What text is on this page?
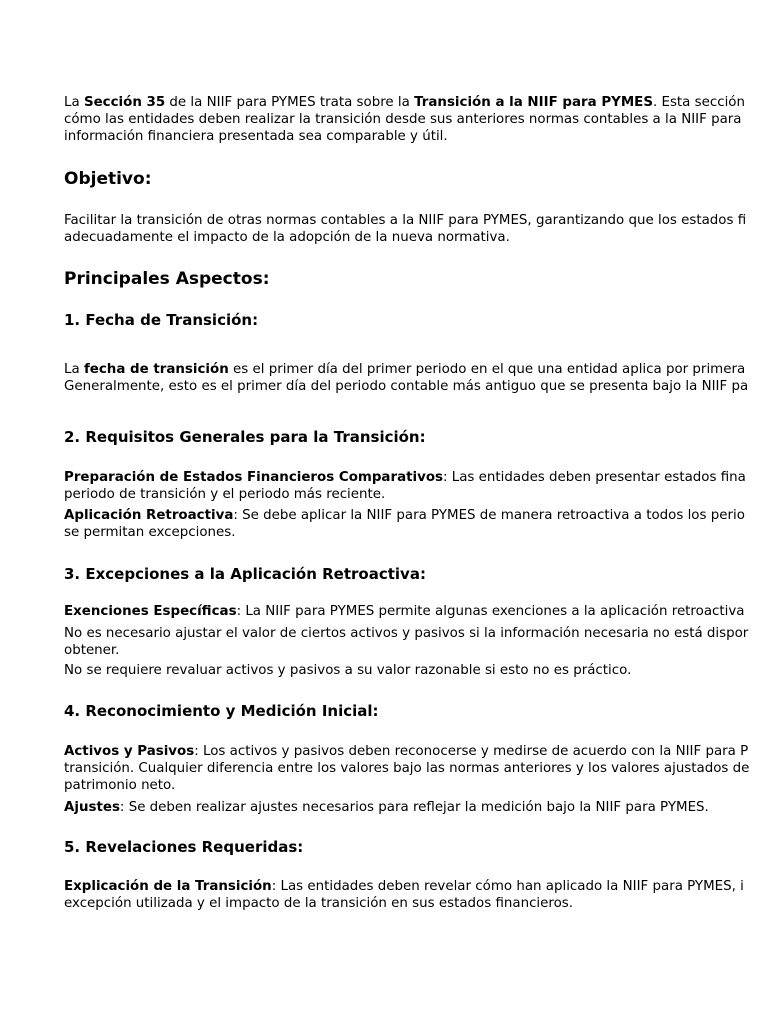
La Sección 35 de la NIIF para PYMES trata sobre la Transición a la NIIF para PYMES. Esta sección
cómo las entidades deben realizar la transición desde sus anteriores normas contables a la NIIF para
información financiera presentada sea comparable y útil.
Objetivo:
Facilitar la transición de otras normas contables a la NIIF para PYMES, garantizando que los estados fi
adecuadamente el impacto de la adopción de la nueva normativa.
Principales Aspectos:
1. Fecha de Transición:
La fecha de transición es el primer día del primer periodo en el que una entidad aplica por primera
Generalmente, esto es el primer día del periodo contable más antiguo que se presenta bajo la NIIF pa
2. Requisitos Generales para la Transición:
Preparación de Estados Financieros Comparativos: Las entidades deben presentar estados fina
periodo de transición y el periodo más reciente.
Aplicación Retroactiva: Se debe aplicar la NIIF para PYMES de manera retroactiva a todos los perio
se permitan excepciones.
3. Excepciones a la Aplicación Retroactiva:
Exenciones Específicas: La NIIF para PYMES permite algunas exenciones a la aplicación retroactiva
No es necesario ajustar el valor de ciertos activos y pasivos si la información necesaria no está dispor
obtener.
No se requiere revaluar activos y pasivos a su valor razonable si esto no es práctico.
4. Reconocimiento y Medición Inicial:
Activos y Pasivos: Los activos y pasivos deben reconocerse y medirse de acuerdo con la NIIF para P
transición. Cualquier diferencia entre los valores bajo las normas anteriores y los valores ajustados de
patrimonio neto.
Ajustes: Se deben realizar ajustes necesarios para reflejar la medición bajo la NIIF para PYMES.
5. Revelaciones Requeridas:
Explicación de la Transición: Las entidades deben revelar cómo han aplicado la NIIF para PYMES, i
excepción utilizada y el impacto de la transición en sus estados financieros.
